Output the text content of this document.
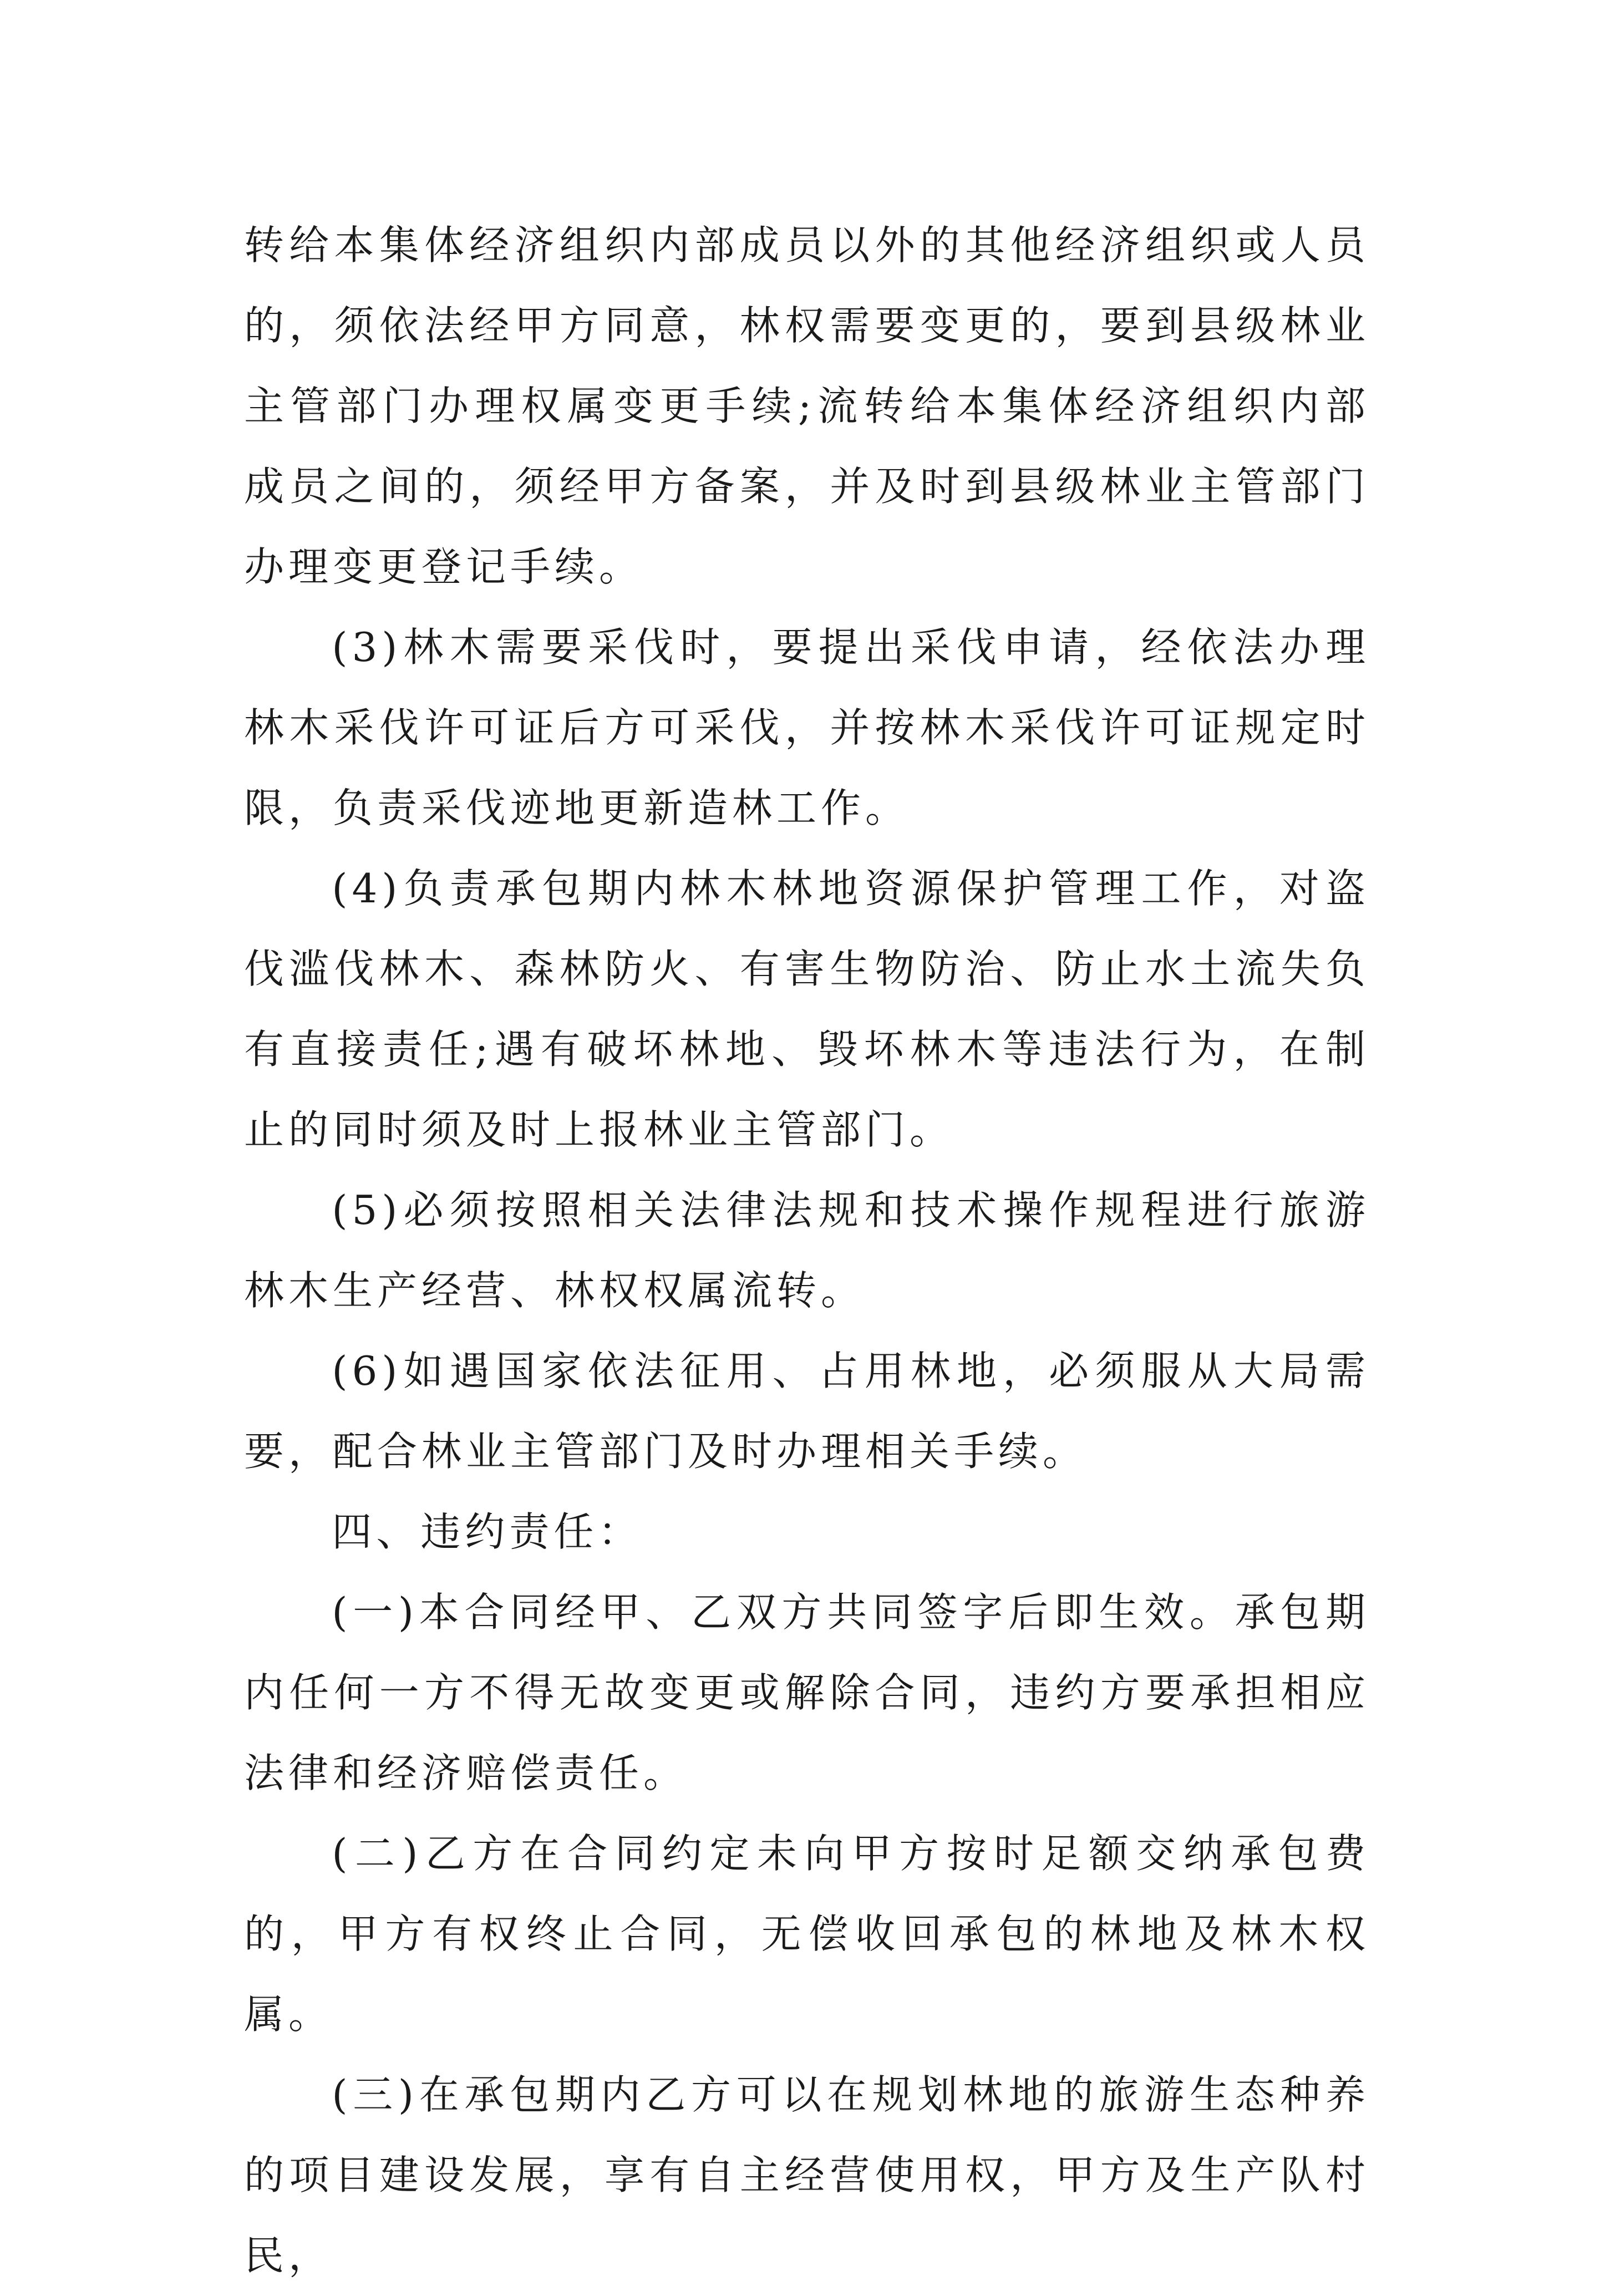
转给本集体经济组织内部成员以外的其他经济组织或人员的，须依法经甲方同意，林权需要变更的，要到县级林业主管部门办理权属变更手续;流转给本集体经济组织内部成员之间的，须经甲方备案，并及时到县级林业主管部门办理变更登记手续。

(3)林木需要采伐时，要提出采伐申请，经依法办理林木采伐许可证后方可采伐，并按林木采伐许可证规定时限，负责采伐迹地更新造林工作。

(4)负责承包期内林木林地资源保护管理工作，对盗伐滥伐林木、森林防火、有害生物防治、防止水土流失负有直接责任;遇有破坏林地、毁坏林木等违法行为，在制止的同时须及时上报林业主管部门。

(5)必须按照相关法律法规和技术操作规程进行旅游林木生产经营、林权权属流转。

(6)如遇国家依法征用、占用林地，必须服从大局需要，配合林业主管部门及时办理相关手续。

四、违约责任：

(一)本合同经甲、乙双方共同签字后即生效。承包期内任何一方不得无故变更或解除合同，违约方要承担相应法律和经济赔偿责任。

(二)乙方在合同约定未向甲方按时足额交纳承包费的，甲方有权终止合同，无偿收回承包的林地及林木权属。

(三)在承包期内乙方可以在规划林地的旅游生态种养的项目建设发展，享有自主经营使用权，甲方及生产队村民，
